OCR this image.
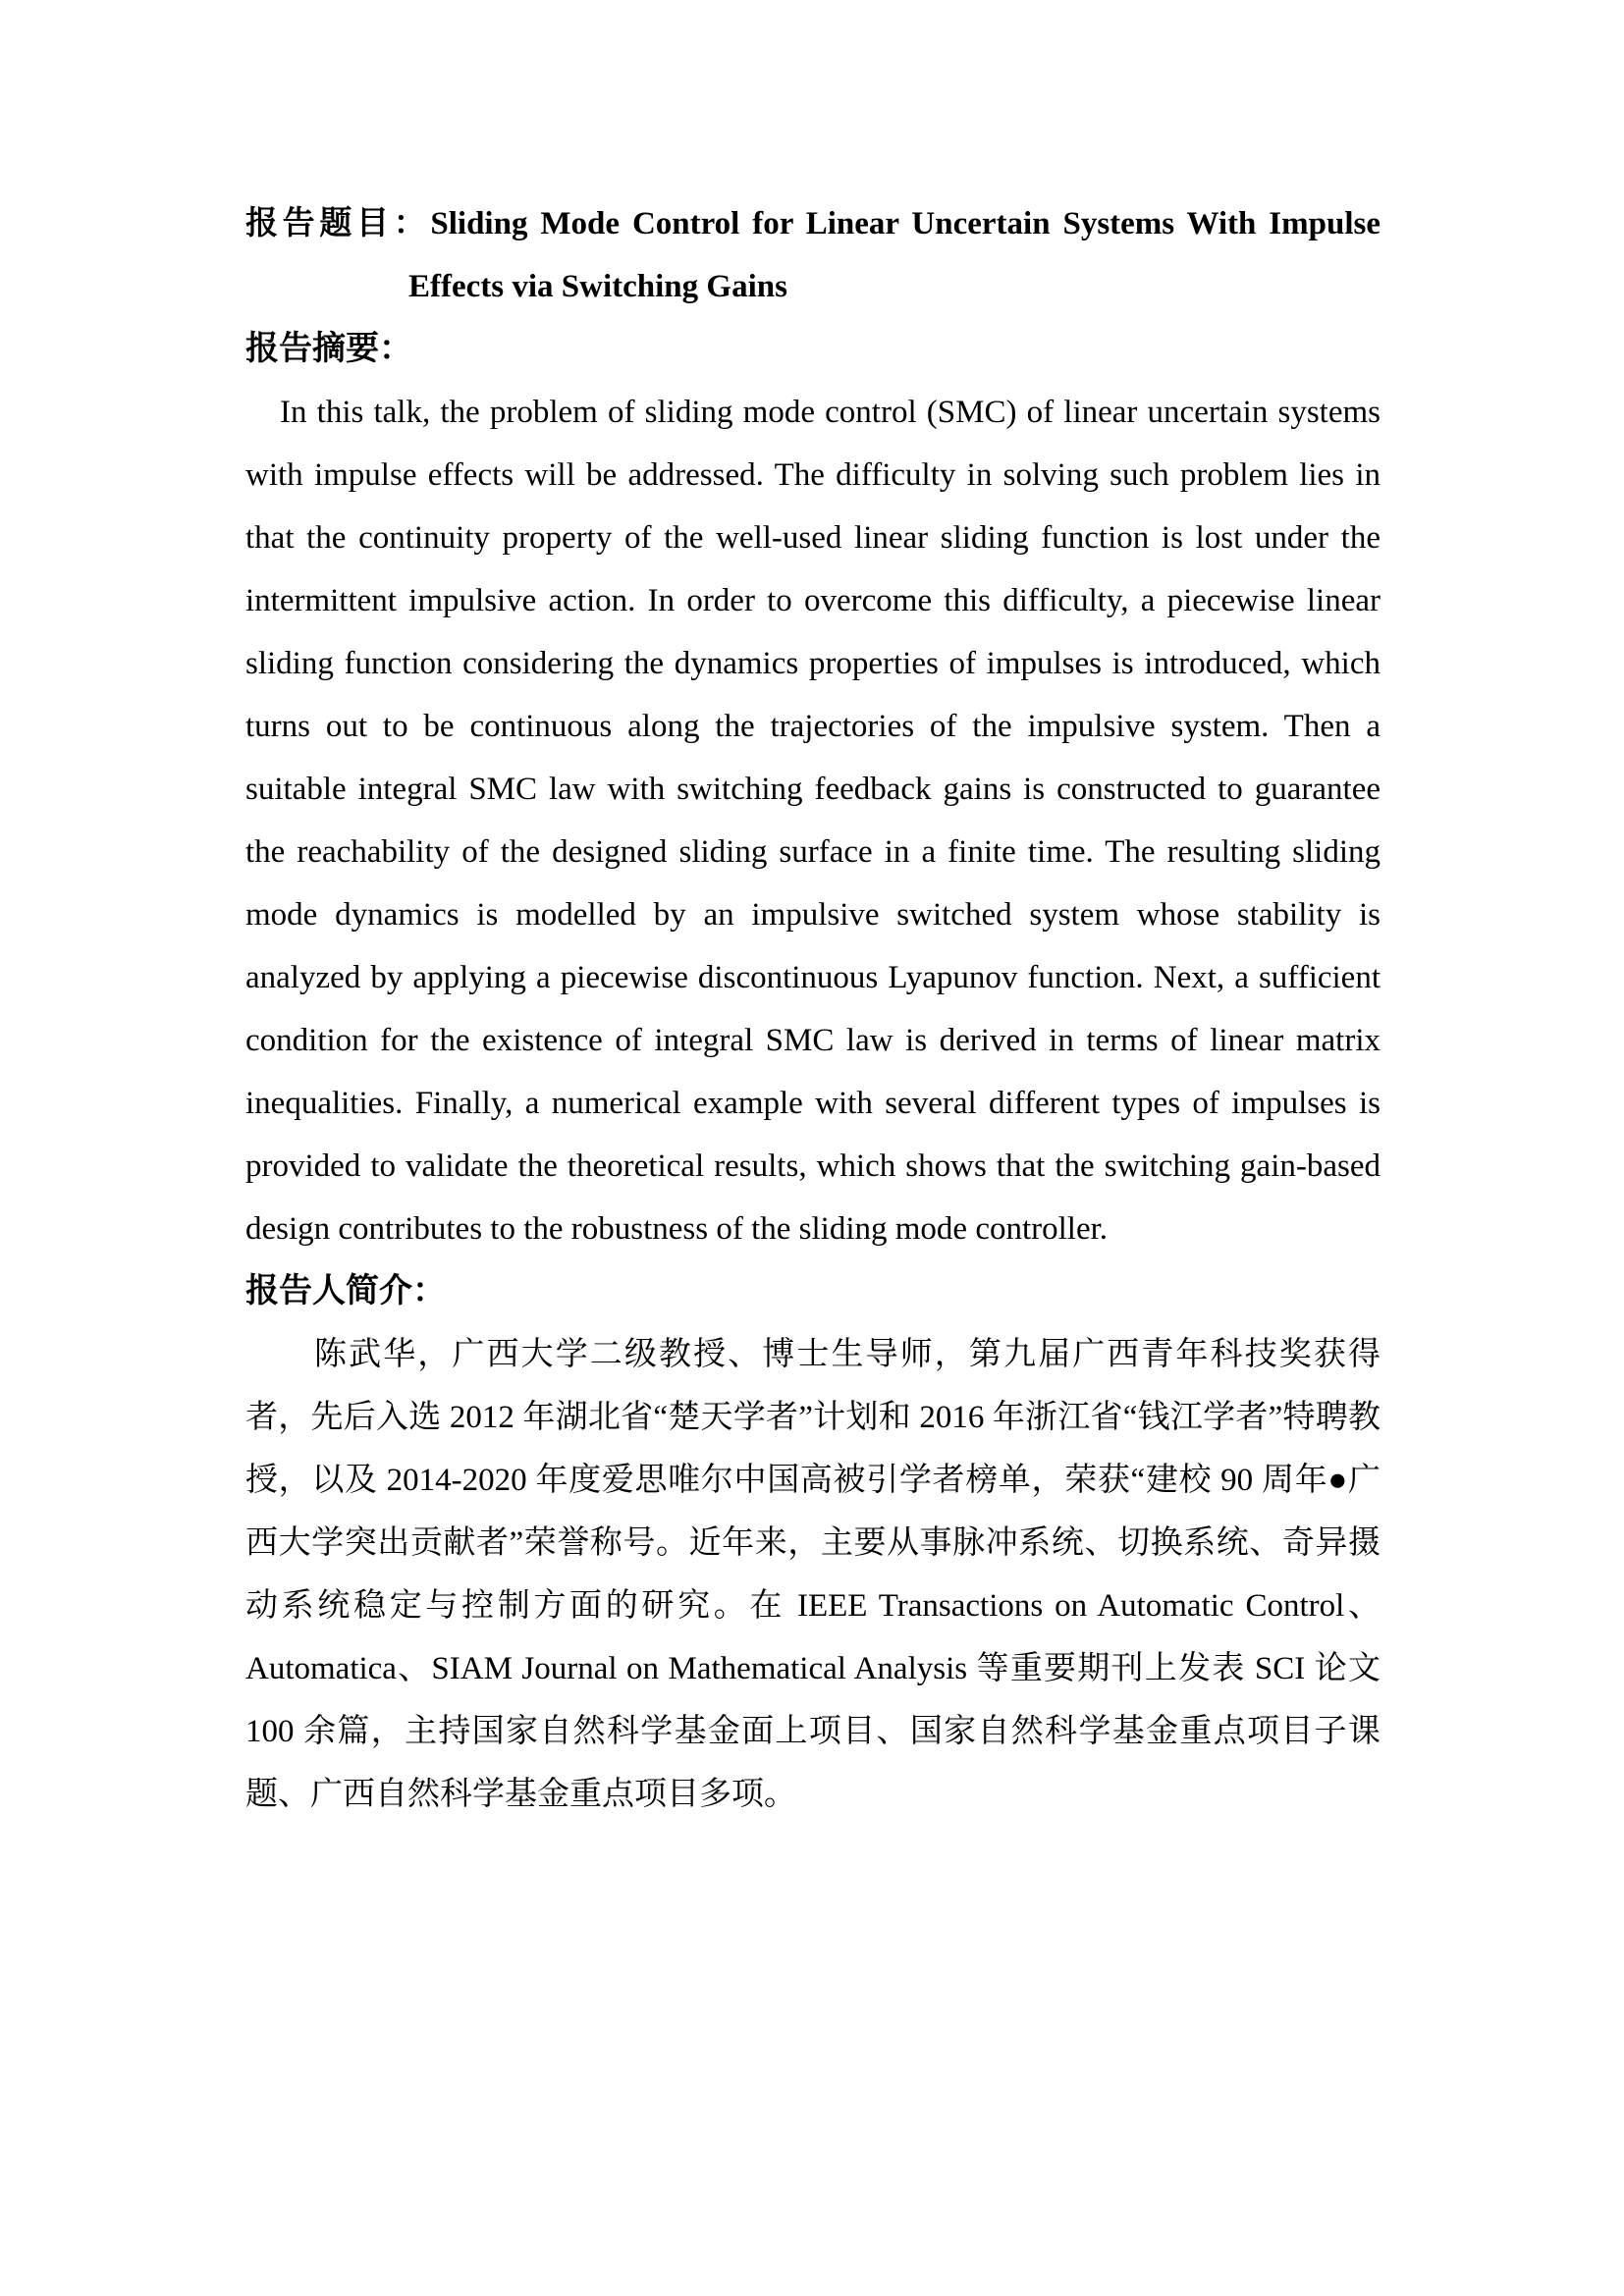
报告题目：Sliding Mode Control for Linear Uncertain Systems With Impulse Effects via Switching Gains
报告摘要：

In this talk, the problem of sliding mode control (SMC) of linear uncertain systems with impulse effects will be addressed. The difficulty in solving such problem lies in that the continuity property of the well-used linear sliding function is lost under the intermittent impulsive action. In order to overcome this difficulty, a piecewise linear sliding function considering the dynamics properties of impulses is introduced, which turns out to be continuous along the trajectories of the impulsive system. Then a suitable integral SMC law with switching feedback gains is constructed to guarantee the reachability of the designed sliding surface in a finite time. The resulting sliding mode dynamics is modelled by an impulsive switched system whose stability is analyzed by applying a piecewise discontinuous Lyapunov function. Next, a sufficient condition for the existence of integral SMC law is derived in terms of linear matrix inequalities. Finally, a numerical example with several different types of impulses is provided to validate the theoretical results, which shows that the switching gain-based design contributes to the robustness of the sliding mode controller.

报告人简介：

陈武华，广西大学二级教授、博士生导师，第九届广西青年科技奖获得者，先后入选 2012 年湖北省“楚天学者”计划和 2016 年浙江省“钱江学者”特聘教授，以及 2014-2020 年度爱思唯尔中国高被引学者榜单，荣获“建校 90 周年●广西大学突出贡献者”荣誉称号。近年来，主要从事脉冲系统、切换系统、奇异摄动系统稳定与控制方面的研究。在 IEEE Transactions on Automatic Control、Automatica、SIAM Journal on Mathematical Analysis 等重要期刊上发表 SCI 论文 100 余篇，主持国家自然科学基金面上项目、国家自然科学基金重点项目子课题、广西自然科学基金重点项目多项。
